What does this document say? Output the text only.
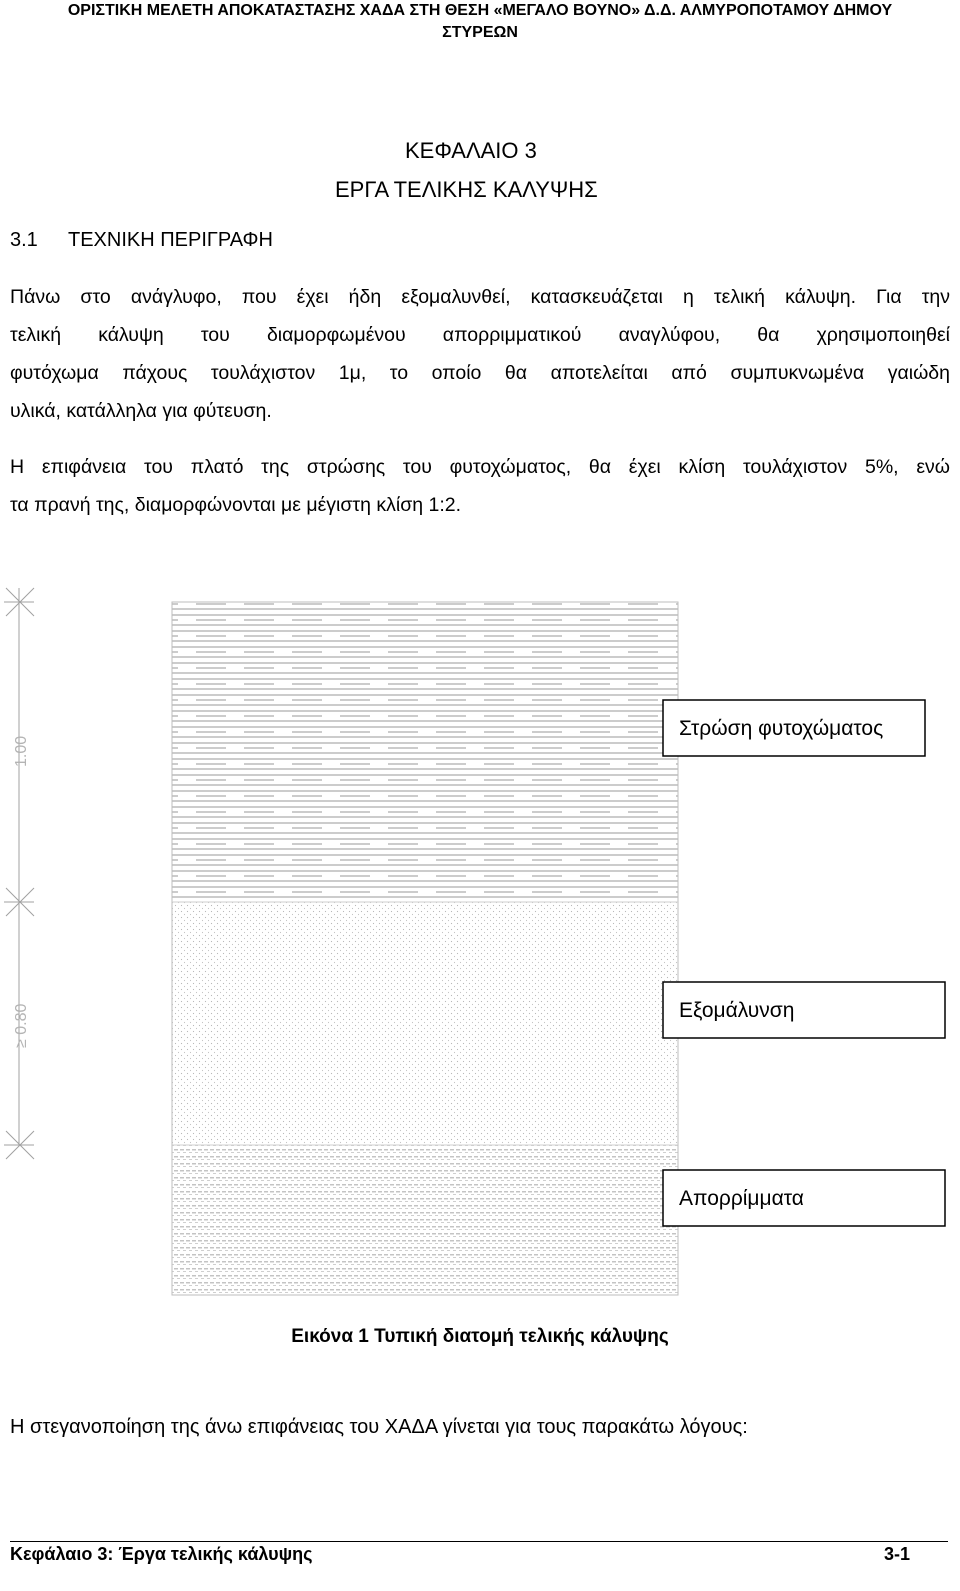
ΟΡΙΣΤΙΚΗ ΜΕΛΕΤΗ ΑΠΟΚΑΤΑΣΤΑΣΗΣ ΧΑΔΑ ΣΤΗ ΘΕΣΗ «ΜΕΓΑΛΟ ΒΟΥΝΟ» Δ.Δ. ΑΛΜΥΡΟΠΟΤΑΜΟΥ ΔΗΜΟΥ
ΣΤΥΡΕΩΝ
ΚΕΦΑΛΑΙΟ 3
ΕΡΓΑ ΤΕΛΙΚΗΣ ΚΑΛΥΨΗΣ
3.1 ΤΕΧΝΙΚΗ ΠΕΡΙΓΡΑΦΗ
Πάνω στο ανάγλυφο, που έχει ήδη εξομαλυνθεί, κατασκευάζεται η τελική κάλυψη. Για την
τελική κάλυψη του διαμορφωμένου απορριμματικού αναγλύφου, θα χρησιμοποιηθεί
φυτόχωμα πάχους τουλάχιστον 1μ, το οποίο θα αποτελείται από συμπυκνωμένα γαιώδη
υλικά, κατάλληλα για φύτευση.
Η επιφάνεια του πλατό της στρώσης του φυτοχώματος, θα έχει κλίση τουλάχιστον 5%, ενώ
τα πρανή της, διαμορφώνονται με μέγιστη κλίση 1:2.
1.00
≥ 0.80
Στρώση φυτοχώματος
Εξομάλυνση
Απορρίμματα
Εικόνα 1 Τυπική διατομή τελικής κάλυψης
Η στεγανοποίηση της άνω επιφάνειας του ΧΑΔΑ γίνεται για τους παρακάτω λόγους:
Κεφάλαιο 3: Έργα τελικής κάλυψης	3-1
